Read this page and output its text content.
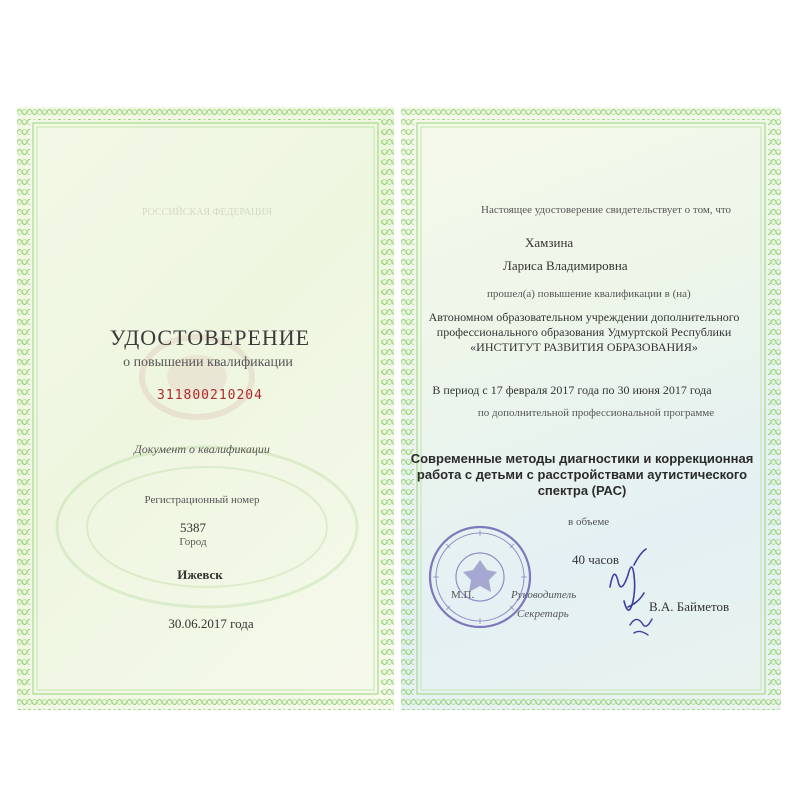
РОССИЙСКАЯ ФЕДЕРАЦИЯ
УДОСТОВЕРЕНИЕ
о повышении квалификации
311800210204
Документ о квалификации
Регистрационный номер
5387
Город
Ижевск
30.06.2017 года
Настоящее удостоверение свидетельствует о том, что
Хамзина
Лариса Владимировна
прошел(а) повышение квалификации в (на)
Автономном образовательном учреждении дополнительного
профессионального образования Удмуртской Республики
«ИНСТИТУТ РАЗВИТИЯ ОБРАЗОВАНИЯ»
В период с 17 февраля 2017 года по 30 июня 2017 года
по дополнительной профессиональной программе
Современные методы диагностики и коррекционная
работа с детьми с расстройствами аутистического
спектра (РАС)
в объеме
40 часов
М.П.	Руководитель
Секретарь	В.А. Байметов
